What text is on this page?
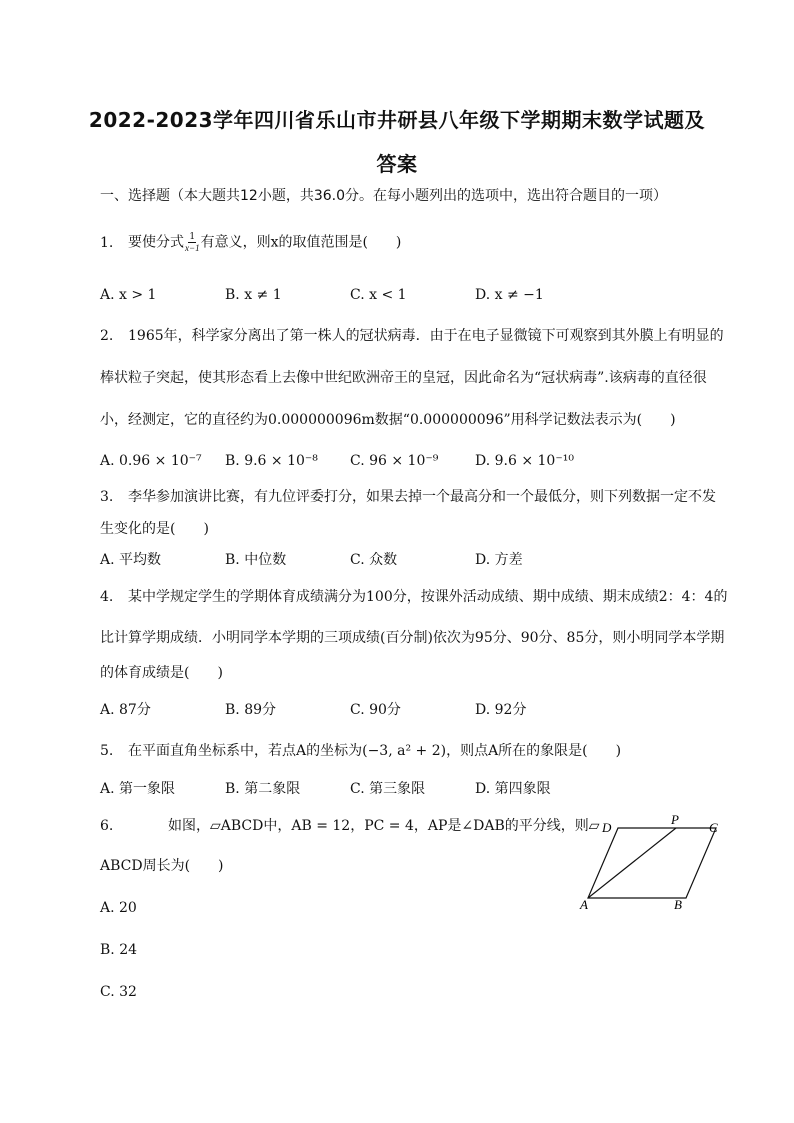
2022-2023学年四川省乐山市井研县八年级下学期期末数学试题及
答案
一、选择题（本大题共12小题，共36.0分。在每小题列出的选项中，选出符合题目的一项）
1. 要使分式 $\frac{1}{x-1}$ 有意义，则x的取值范围是(　　)
A. x > 1	B. x ≠ 1	C. x < 1	D. x ≠ −1
2. 1965年，科学家分离出了第一株人的冠状病毒．由于在电子显微镜下可观察到其外膜上有明显的
棒状粒子突起，使其形态看上去像中世纪欧洲帝王的皇冠，因此命名为“冠状病毒”.该病毒的直径很
小，经测定，它的直径约为0.000000096m数据“0.000000096”用科学记数法表示为(　　)
A. 0.96 × 10⁻⁷ B. 9.6 × 10⁻⁸ C. 96 × 10⁻⁹	D. 9.6 × 10⁻¹⁰
3. 李华参加演讲比赛，有九位评委打分，如果去掉一个最高分和一个最低分，则下列数据一定不发
生变化的是(　　)
A. 平均数	B. 中位数	C. 众数	D. 方差
4. 某中学规定学生的学期体育成绩满分为100分，按课外活动成绩、期中成绩、期末成绩2：4：4的
比计算学期成绩．小明同学本学期的三项成绩(百分制)依次为95分、90分、85分，则小明同学本学期
的体育成绩是(　　)
A. 87分	B. 89分	C. 90分	D. 92分
5. 在平面直角坐标系中，若点A的坐标为(−3, a² + 2)，则点A所在的象限是(　　)
A. 第一象限	B. 第二象限	C. 第三象限	D. 第四象限
6.	如图，▱ABCD中，AB = 12，PC = 4，AP是∠DAB的平分线，则▱
ABCD周长为(　　)
A. 20
B. 24
C. 32
D
P
C
A	B
